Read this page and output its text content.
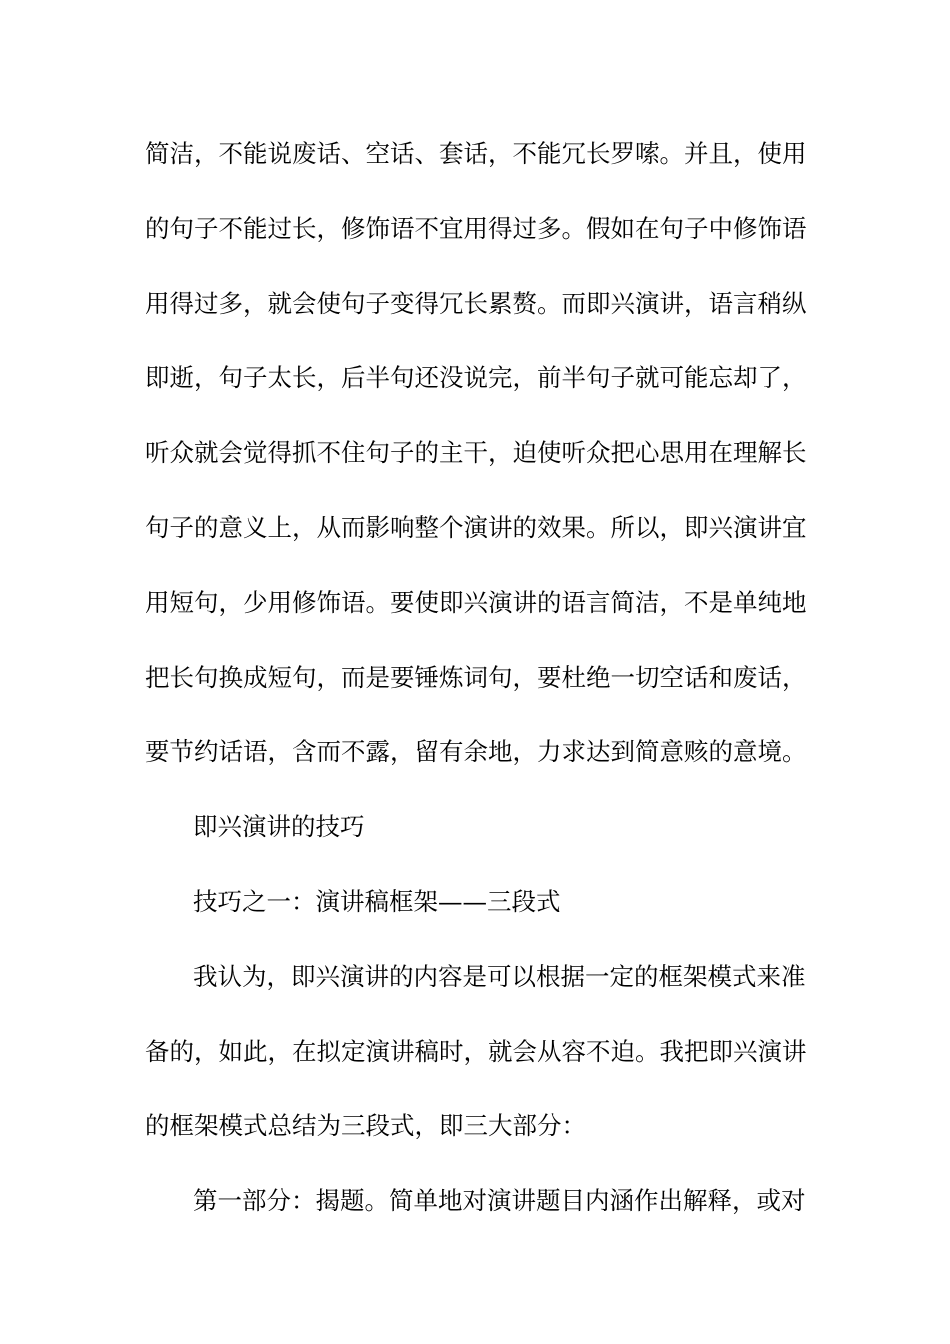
简洁，不能说废话、空话、套话，不能冗长罗嗦。并且，使用
的句子不能过长，修饰语不宜用得过多。假如在句子中修饰语
用得过多，就会使句子变得冗长累赘。而即兴演讲，语言稍纵
即逝，句子太长，后半句还没说完，前半句子就可能忘却了，
听众就会觉得抓不住句子的主干，迫使听众把心思用在理解长
句子的意义上，从而影响整个演讲的效果。所以，即兴演讲宜
用短句，少用修饰语。要使即兴演讲的语言简洁，不是单纯地
把长句换成短句，而是要锤炼词句，要杜绝一切空话和废话，
要节约话语，含而不露，留有余地，力求达到简意赅的意境。
即兴演讲的技巧
技巧之一：演讲稿框架——三段式
我认为，即兴演讲的内容是可以根据一定的框架模式来准
备的，如此，在拟定演讲稿时，就会从容不迫。我把即兴演讲
的框架模式总结为三段式，即三大部分：
第一部分：揭题。简单地对演讲题目内涵作出解释，或对
